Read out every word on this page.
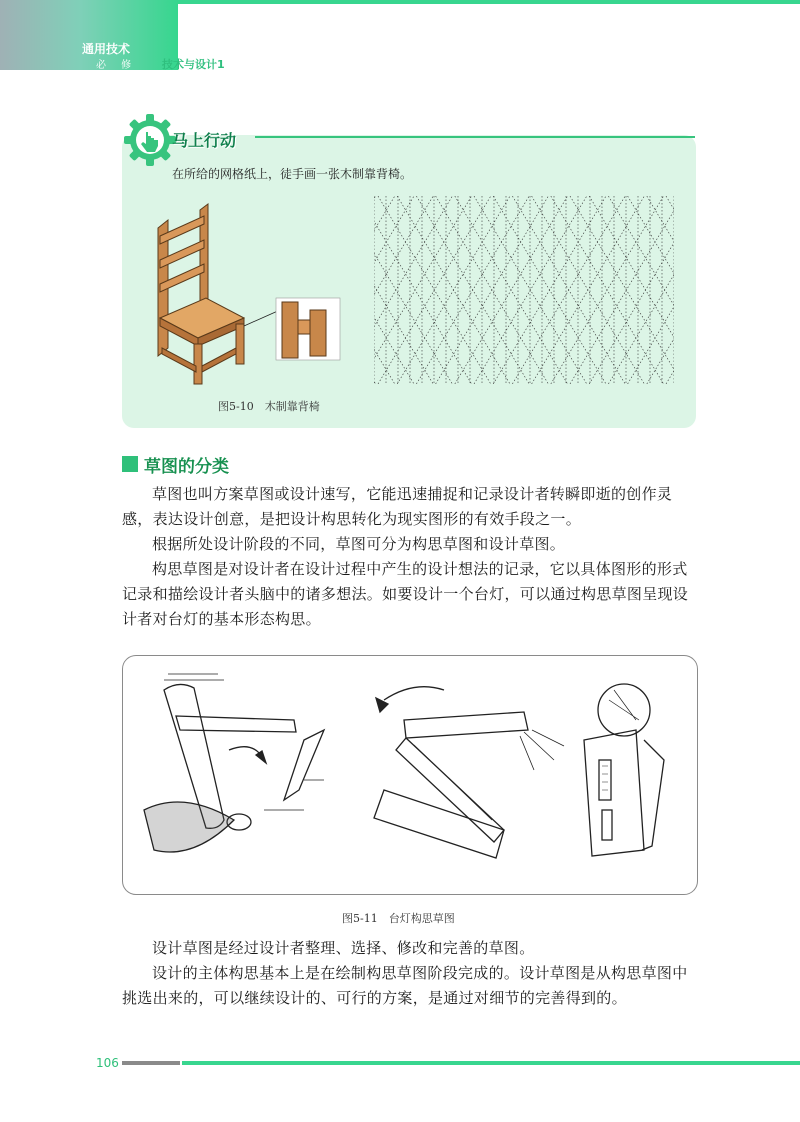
通用技术
必 修 技术与设计1
马上行动
在所给的网格纸上，徒手画一张木制靠背椅。
图5-10　木制靠背椅
草图的分类
草图也叫方案草图或设计速写，它能迅速捕捉和记录设计者转瞬即逝的创作灵感，表达设计创意，是把设计构思转化为现实图形的有效手段之一。
根据所处设计阶段的不同，草图可分为构思草图和设计草图。
构思草图是对设计者在设计过程中产生的设计想法的记录，它以具体图形的形式记录和描绘设计者头脑中的诸多想法。如要设计一个台灯，可以通过构思草图呈现设计者对台灯的基本形态构思。
图5-11　台灯构思草图
设计草图是经过设计者整理、选择、修改和完善的草图。
设计的主体构思基本上是在绘制构思草图阶段完成的。设计草图是从构思草图中挑选出来的，可以继续设计的、可行的方案，是通过对细节的完善得到的。
106
